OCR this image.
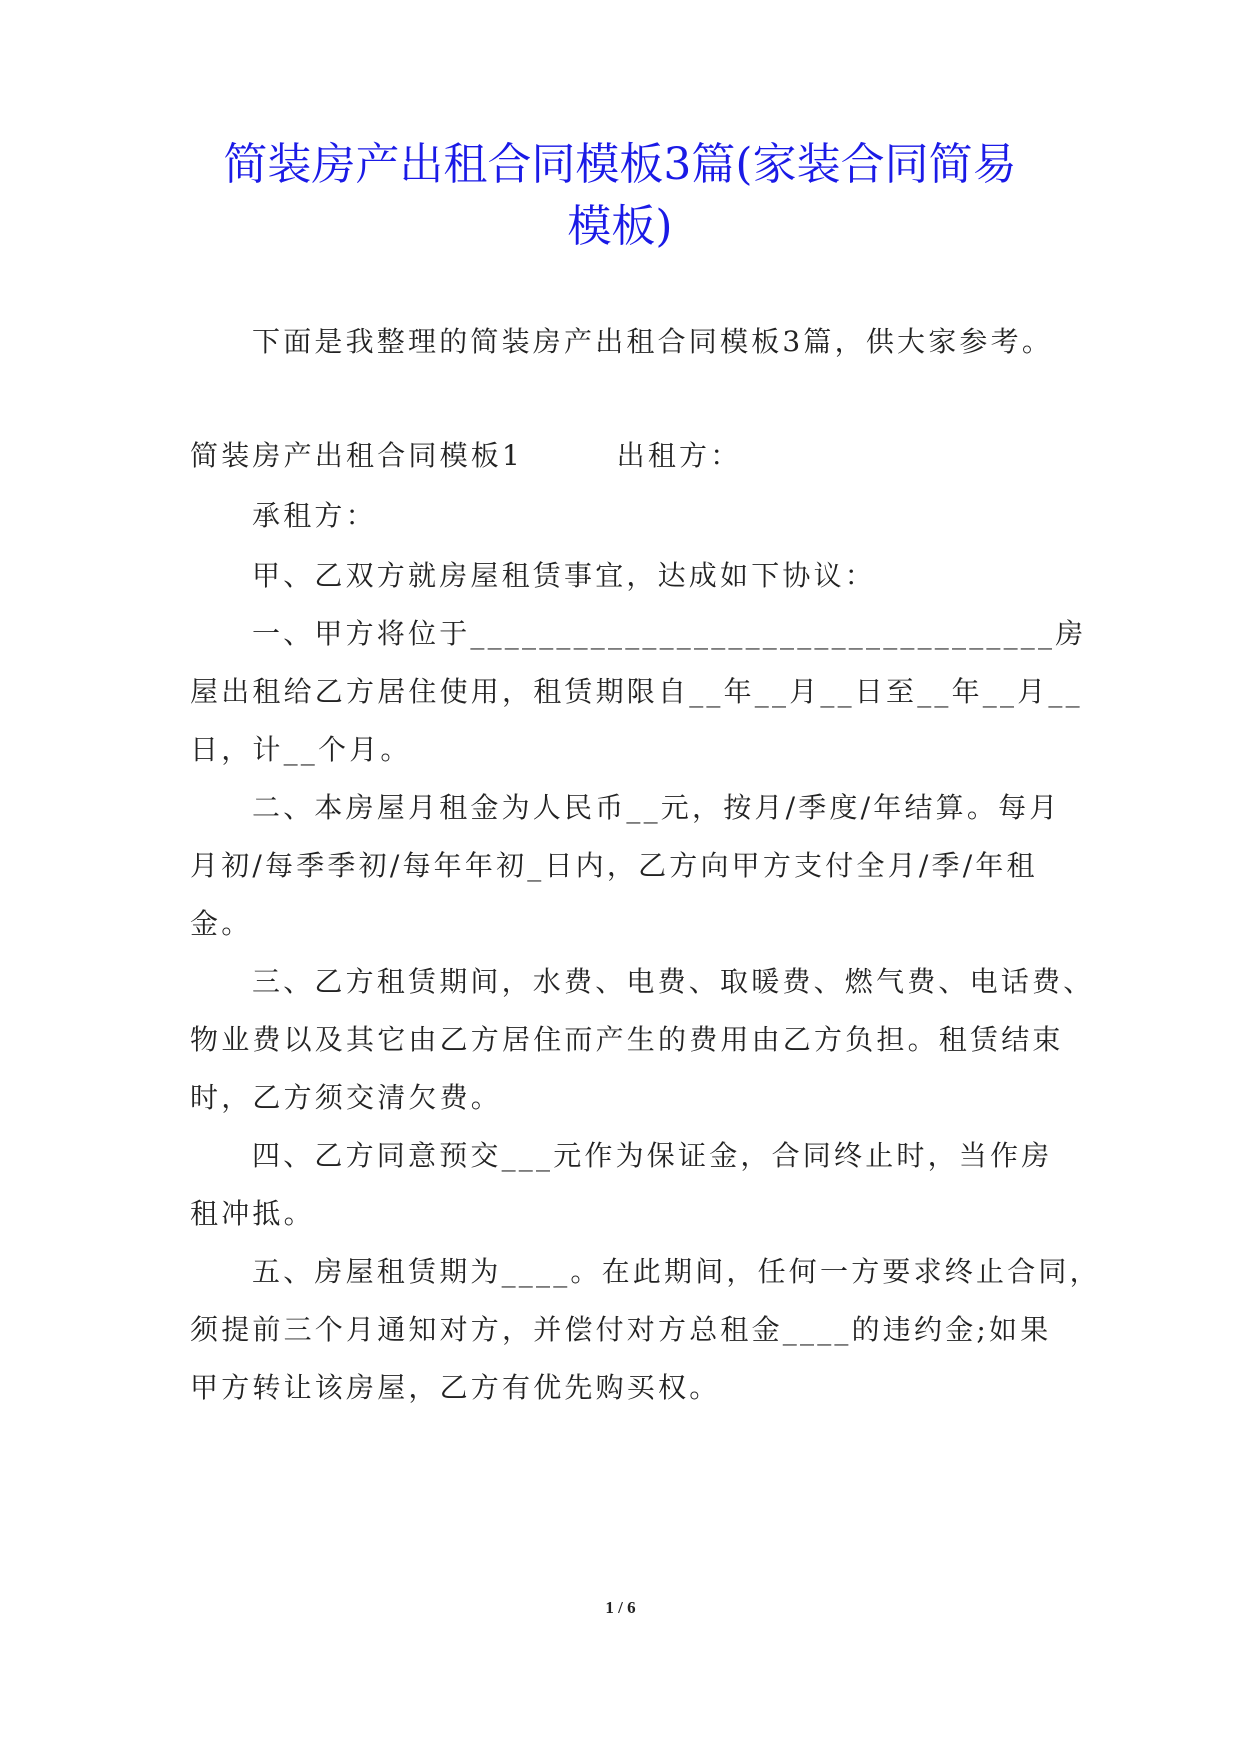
简装房产出租合同模板3篇(家装合同简易
模板)
下面是我整理的简装房产出租合同模板3篇，供大家参考。
简装房产出租合同模板1　　　出租方：
承租方：
甲、乙双方就房屋租赁事宜，达成如下协议：
一、甲方将位于__________________________________房
屋出租给乙方居住使用，租赁期限自__年__月__日至__年__月__
日，计__个月。
二、本房屋月租金为人民币__元，按月/季度/年结算。每月
月初/每季季初/每年年初_日内，乙方向甲方支付全月/季/年租
金。
三、乙方租赁期间，水费、电费、取暖费、燃气费、电话费、
物业费以及其它由乙方居住而产生的费用由乙方负担。租赁结束
时，乙方须交清欠费。
四、乙方同意预交___元作为保证金，合同终止时，当作房
租冲抵。
五、房屋租赁期为____。在此期间，任何一方要求终止合同，
须提前三个月通知对方，并偿付对方总租金____的违约金;如果
甲方转让该房屋，乙方有优先购买权。
1 / 6
